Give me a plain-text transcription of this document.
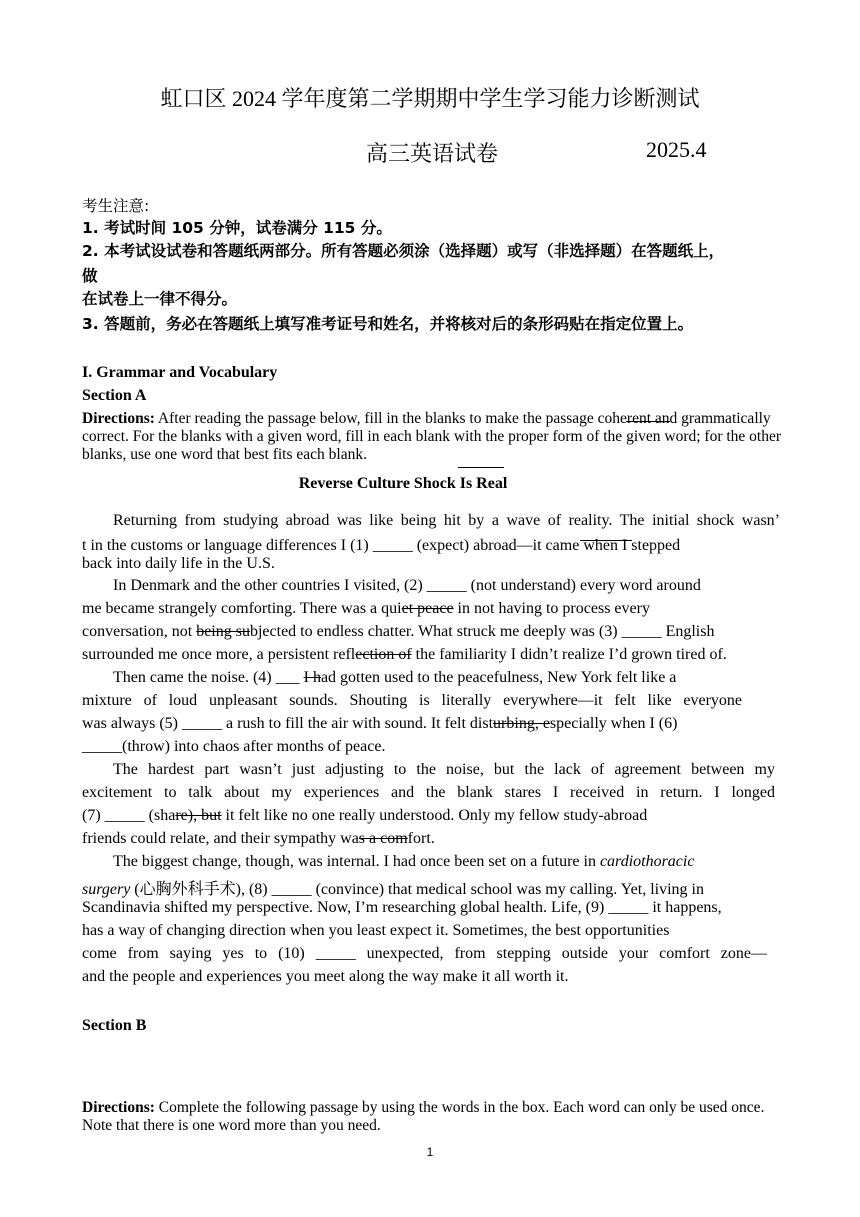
虹口区 2024 学年度第二学期期中学生学习能力诊断测试
高三英语试卷	2025.4
考生注意:
1. 考试时间 105 分钟，试卷满分 115 分。
2. 本考试设试卷和答题纸两部分。所有答题必须涂（选择题）或写（非选择题）在答题纸上，
做
在试卷上一律不得分。
3. 答题前，务必在答题纸上填写准考证号和姓名，并将核对后的条形码贴在指定位置上。
I. Grammar and Vocabulary
Section A
Directions: After reading the passage below, fill in the blanks to make the passage coherent and grammatically correct. For the blanks with a given word, fill in each blank with the proper form of the given word; for the other blanks, use one word that best fits each blank.
Reverse Culture Shock Is Real
Returning from studying abroad was like being hit by a wave of reality. The initial shock wasn’
t in the customs or language differences I (1) _____ (expect) abroad—it came when I stepped
back into daily life in the U.S.
In Denmark and the other countries I visited, (2) _____ (not understand) every word around
me became strangely comforting. There was a quiet peace in not having to process every
conversation, not being subjected to endless chatter. What struck me deeply was (3) _____ English
surrounded me once more, a persistent reflection of the familiarity I didn’t realize I’d grown tired of.
Then came the noise. (4) ___ I had gotten used to the peacefulness, New York felt like a
mixture of loud unpleasant sounds. Shouting is literally everywhere—it felt like everyone
was always (5) _____ a rush to fill the air with sound. It felt disturbing, especially when I (6)
_____(throw) into chaos after months of peace.
The hardest part wasn’t just adjusting to the noise, but the lack of agreement between my
excitement to talk about my experiences and the blank stares I received in return. I longed
(7) _____ (share), but it felt like no one really understood. Only my fellow study-abroad
friends could relate, and their sympathy was a comfort.
The biggest change, though, was internal. I had once been set on a future in cardiothoracic
surgery (心胸外科手术), (8) _____ (convince) that medical school was my calling. Yet, living in
Scandinavia shifted my perspective. Now, I’m researching global health. Life, (9) _____ it happens,
has a way of changing direction when you least expect it. Sometimes, the best opportunities
come from saying yes to (10) _____ unexpected, from stepping outside your comfort zone—
and the people and experiences you meet along the way make it all worth it.
Section B
Directions: Complete the following passage by using the words in the box. Each word can only be used once. Note that there is one word more than you need.
1
